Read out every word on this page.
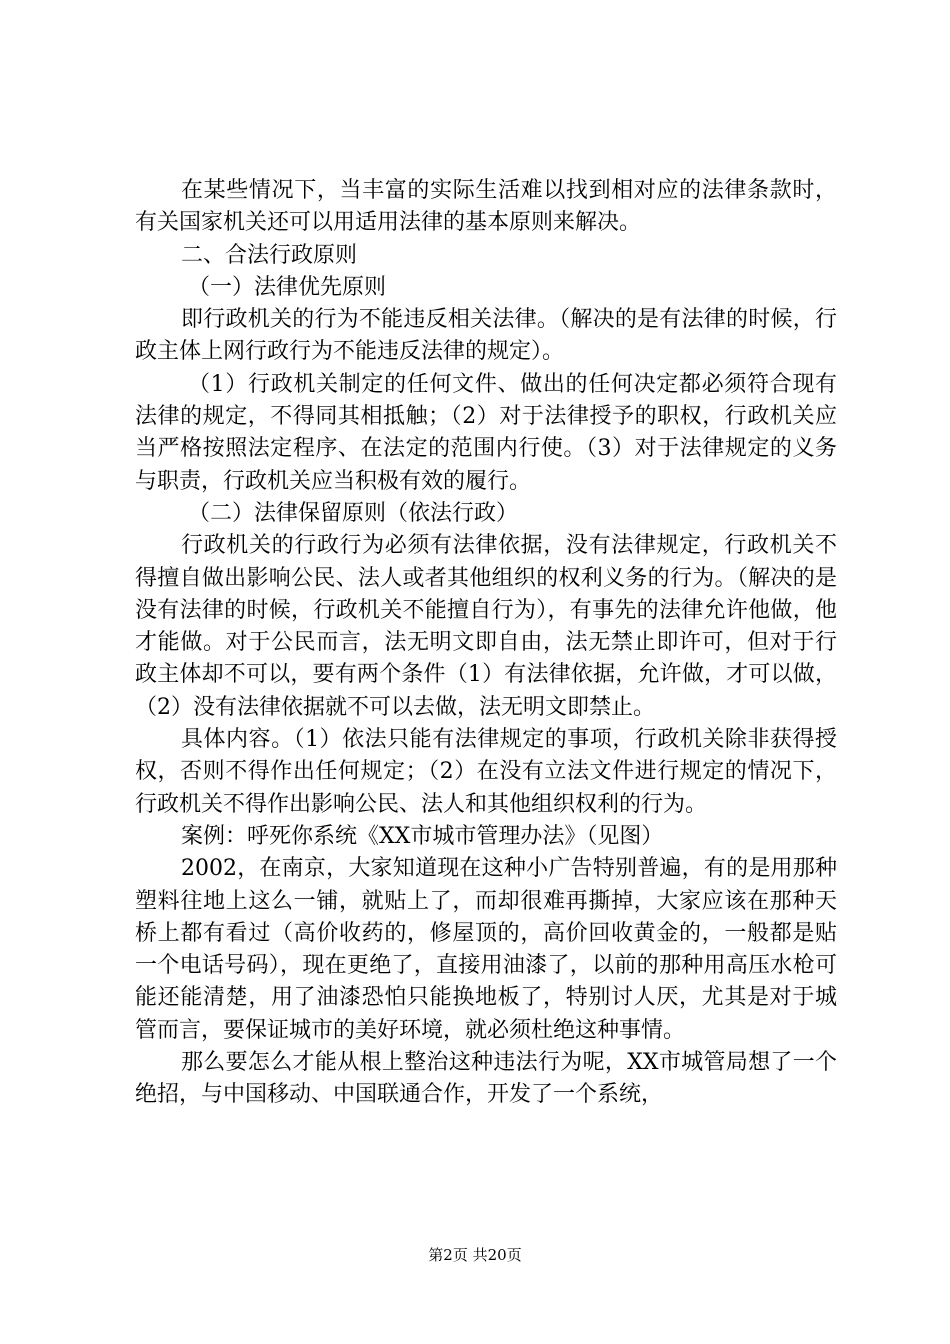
在某些情况下，当丰富的实际生活难以找到相对应的法律条款时，有关国家机关还可以用适用法律的基本原则来解决。

二、合法行政原则

（一）法律优先原则

即行政机关的行为不能违反相关法律。（解决的是有法律的时候，行政主体上网行政行为不能违反法律的规定）。

（1）行政机关制定的任何文件、做出的任何决定都必须符合现有法律的规定，不得同其相抵触；（2）对于法律授予的职权，行政机关应当严格按照法定程序、在法定的范围内行使。（3）对于法律规定的义务与职责，行政机关应当积极有效的履行。

（二）法律保留原则（依法行政）

行政机关的行政行为必须有法律依据，没有法律规定，行政机关不得擅自做出影响公民、法人或者其他组织的权利义务的行为。（解决的是没有法律的时候，行政机关不能擅自行为），有事先的法律允许他做，他才能做。对于公民而言，法无明文即自由，法无禁止即许可，但对于行政主体却不可以，要有两个条件（1）有法律依据，允许做，才可以做，（2）没有法律依据就不可以去做，法无明文即禁止。

具体内容。（1）依法只能有法律规定的事项，行政机关除非获得授权，否则不得作出任何规定；（2）在没有立法文件进行规定的情况下，行政机关不得作出影响公民、法人和其他组织权利的行为。

案例：呼死你系统《XX市城市管理办法》（见图）

2002，在南京，大家知道现在这种小广告特别普遍，有的是用那种塑料往地上这么一铺，就贴上了，而却很难再撕掉，大家应该在那种天桥上都有看过（高价收药的，修屋顶的，高价回收黄金的，一般都是贴一个电话号码），现在更绝了，直接用油漆了，以前的那种用高压水枪可能还能清楚，用了油漆恐怕只能换地板了，特别讨人厌，尤其是对于城管而言，要保证城市的美好环境，就必须杜绝这种事情。

那么要怎么才能从根上整治这种违法行为呢，XX市城管局想了一个绝招，与中国移动、中国联通合作，开发了一个系统，

第2页 共20页
